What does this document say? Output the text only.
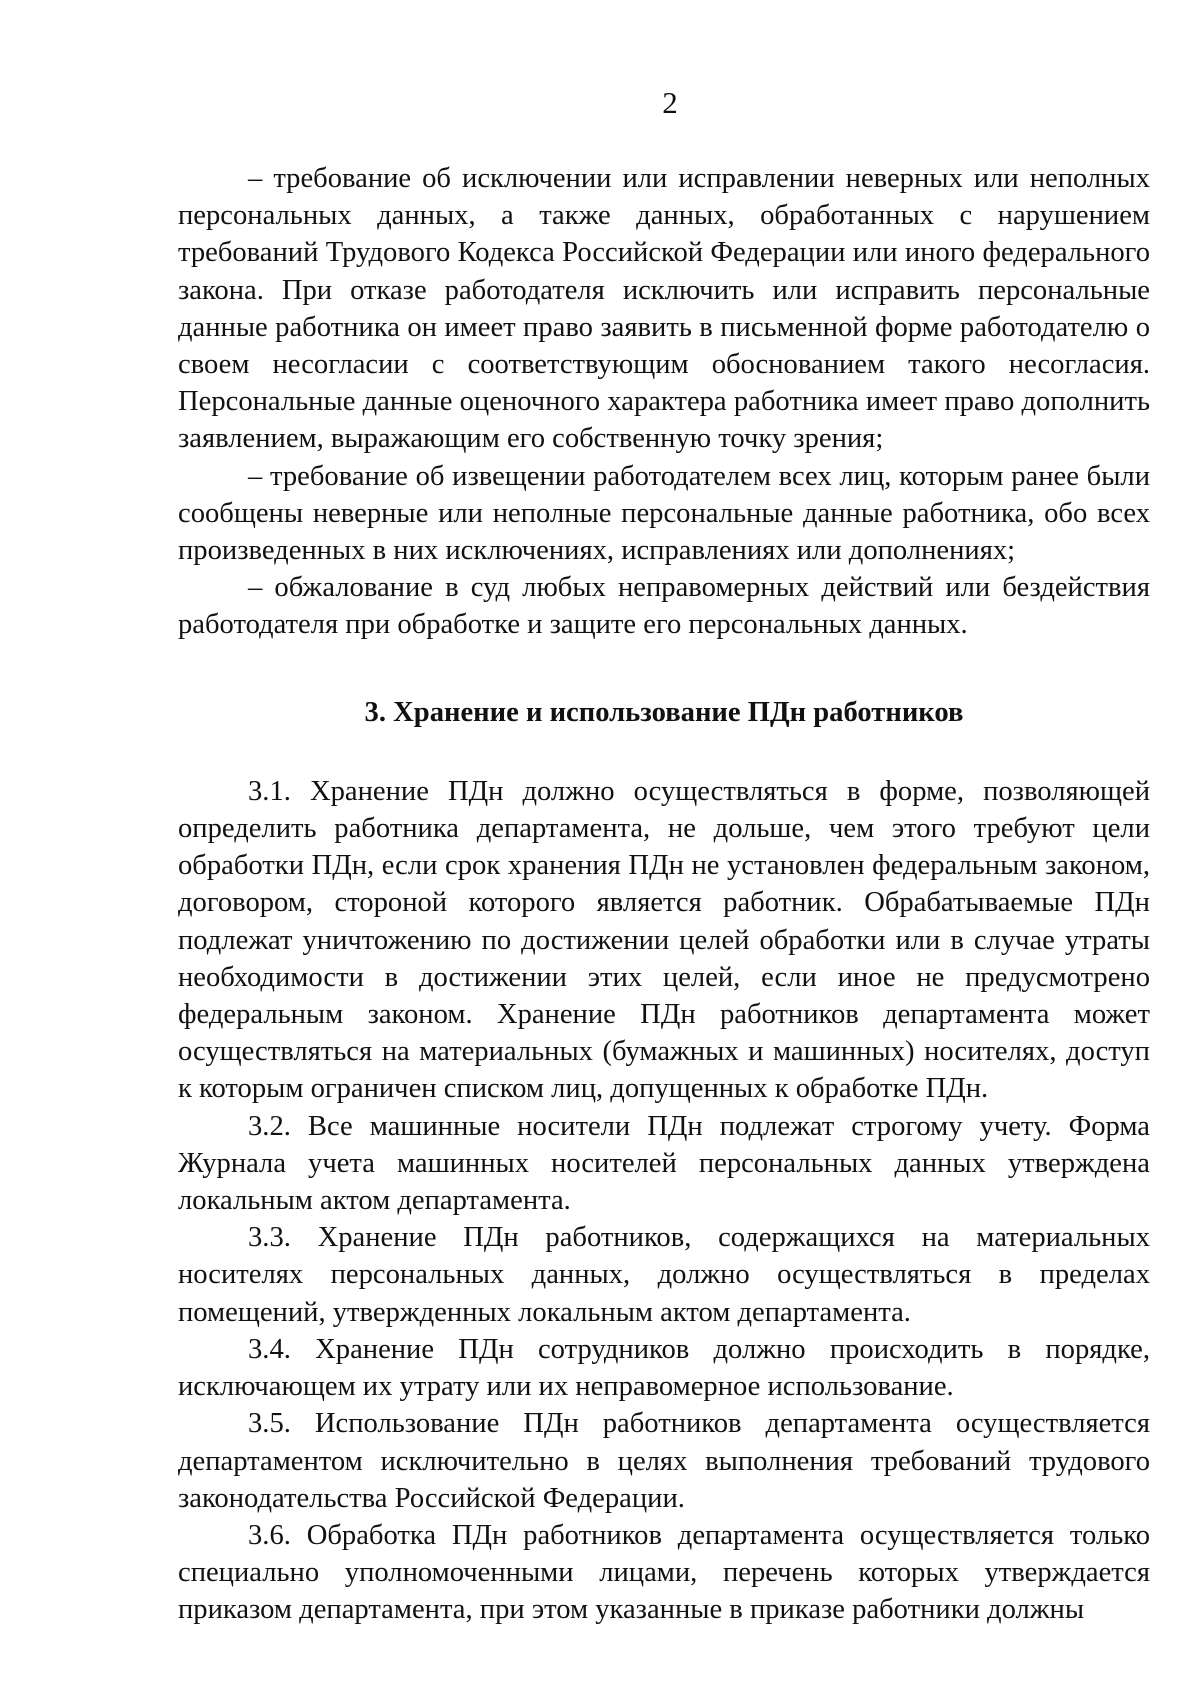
2

– требование об исключении или исправлении неверных или неполных персональных данных, а также данных, обработанных с нарушением требований Трудового Кодекса Российской Федерации или иного федерального закона. При отказе работодателя исключить или исправить персональные данные работника он имеет право заявить в письменной форме работодателю о своем несогласии с соответствующим обоснованием такого несогласия. Персональные данные оценочного характера работника имеет право дополнить заявлением, выражающим его собственную точку зрения;

– требование об извещении работодателем всех лиц, которым ранее были сообщены неверные или неполные персональные данные работника, обо всех произведенных в них исключениях, исправлениях или дополнениях;

– обжалование в суд любых неправомерных действий или бездействия работодателя при обработке и защите его персональных данных.

3. Хранение и использование ПДн работников

3.1. Хранение ПДн должно осуществляться в форме, позволяющей определить работника департамента, не дольше, чем этого требуют цели обработки ПДн, если срок хранения ПДн не установлен федеральным законом, договором, стороной которого является работник. Обрабатываемые ПДн подлежат уничтожению по достижении целей обработки или в случае утраты необходимости в достижении этих целей, если иное не предусмотрено федеральным законом. Хранение ПДн работников департамента может осуществляться на материальных (бумажных и машинных) носителях, доступ к которым ограничен списком лиц, допущенных к обработке ПДн.

3.2. Все машинные носители ПДн подлежат строгому учету. Форма Журнала учета машинных носителей персональных данных утверждена локальным актом департамента.

3.3. Хранение ПДн работников, содержащихся на материальных носителях персональных данных, должно осуществляться в пределах помещений, утвержденных локальным актом департамента.

3.4. Хранение ПДн сотрудников должно происходить в порядке, исключающем их утрату или их неправомерное использование.

3.5. Использование ПДн работников департамента осуществляется департаментом исключительно в целях выполнения требований трудового законодательства Российской Федерации.

3.6. Обработка ПДн работников департамента осуществляется только специально уполномоченными лицами, перечень которых утверждается приказом департамента, при этом указанные в приказе работники должны
